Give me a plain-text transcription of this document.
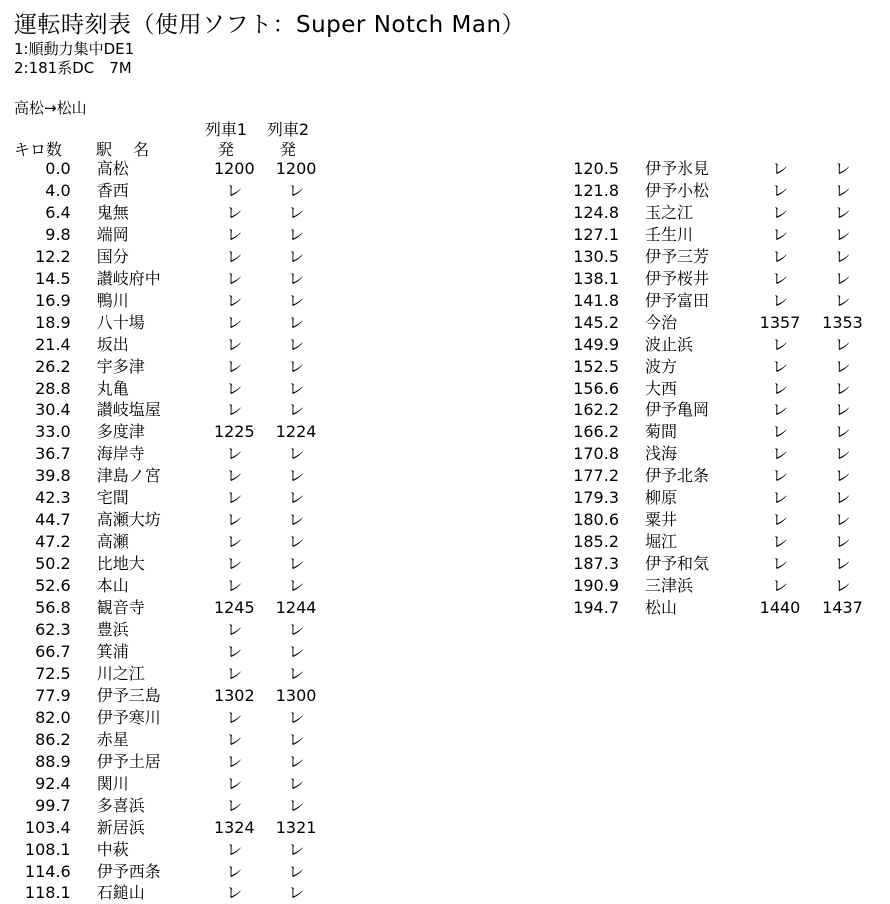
運転時刻表（使用ソフト：Super Notch Man）
1:順動力集中DE1
2:181系DC　7M
高松→松山
列車1 列車2
キロ数	駅　 名	発	発
0.0	高松	1200	1200
4.0	香西	レ	レ
6.4	鬼無	レ	レ
9.8	端岡	レ	レ
12.2	国分	レ	レ
14.5	讃岐府中	レ	レ
16.9	鴨川	レ	レ
18.9	八十場	レ	レ
21.4	坂出	レ	レ
26.2	宇多津	レ	レ
28.8	丸亀	レ	レ
30.4	讃岐塩屋	レ	レ
33.0	多度津	1225	1224
36.7	海岸寺	レ	レ
39.8	津島ノ宮	レ	レ
42.3	宅間	レ	レ
44.7	高瀬大坊	レ	レ
47.2	高瀬	レ	レ
50.2	比地大	レ	レ
52.6	本山	レ	レ
56.8	観音寺	1245	1244
62.3	豊浜	レ	レ
66.7	箕浦	レ	レ
72.5	川之江	レ	レ
77.9	伊予三島	1302	1300
82.0	伊予寒川	レ	レ
86.2	赤星	レ	レ
88.9	伊予土居	レ	レ
92.4	関川	レ	レ
99.7	多喜浜	レ	レ
103.4	新居浜	1324	1321
108.1	中萩	レ	レ
114.6	伊予西条	レ	レ
118.1	石鎚山	レ	レ
120.5	伊予氷見	レ	レ
121.8	伊予小松	レ	レ
124.8	玉之江	レ	レ
127.1	壬生川	レ	レ
130.5	伊予三芳	レ	レ
138.1	伊予桜井	レ	レ
141.8	伊予富田	レ	レ
145.2	今治	1357	1353
149.9	波止浜	レ	レ
152.5	波方	レ	レ
156.6	大西	レ	レ
162.2	伊予亀岡	レ	レ
166.2	菊間	レ	レ
170.8	浅海	レ	レ
177.2	伊予北条	レ	レ
179.3	柳原	レ	レ
180.6	粟井	レ	レ
185.2	堀江	レ	レ
187.3	伊予和気	レ	レ
190.9	三津浜	レ	レ
194.7	松山	1440	1437
